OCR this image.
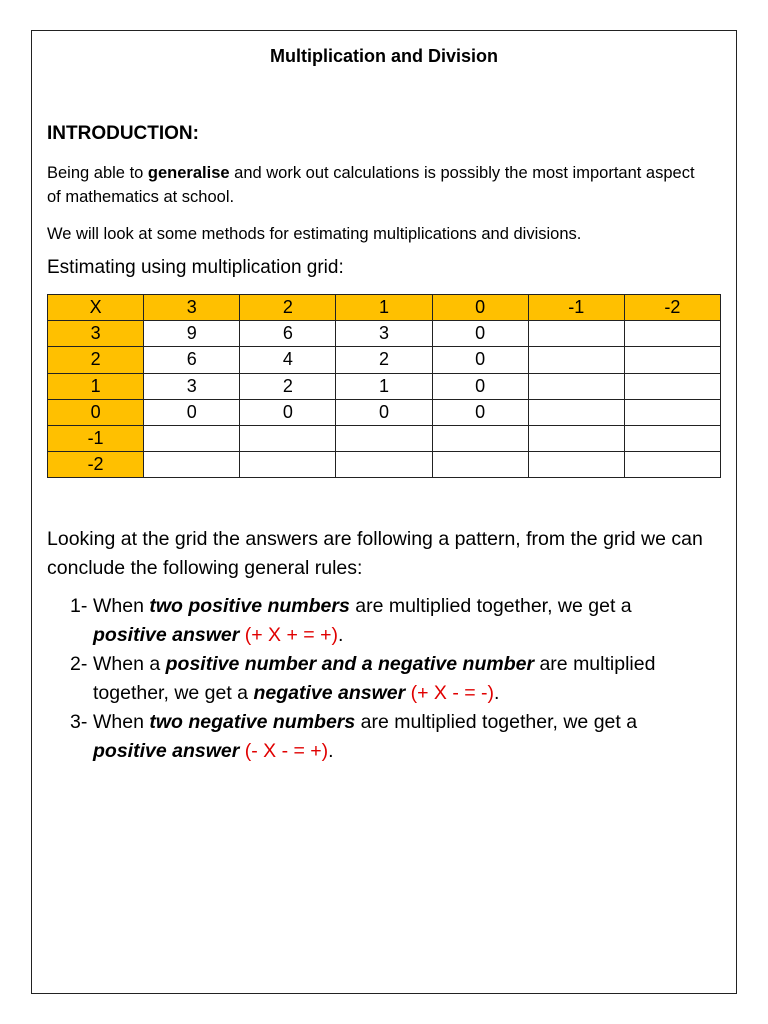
Multiplication and Division
INTRODUCTION:
Being able to generalise and work out calculations is possibly the most important aspect of mathematics at school.
We will look at some methods for estimating multiplications and divisions.
Estimating using multiplication grid:
X	3	2	1	0	-1	-2
3	9	6	3	0		
2	6	4	2	0		
1	3	2	1	0		
0	0	0	0	0		
-1						
-2						
Looking at the grid the answers are following a pattern, from the grid we can conclude the following general rules:
1- When two positive numbers are multiplied together, we get a positive answer (+ X + = +).
2- When a positive number and a negative number are multiplied together, we get a negative answer (+ X - = -).
3- When two negative numbers are multiplied together, we get a positive answer (- X - = +).
